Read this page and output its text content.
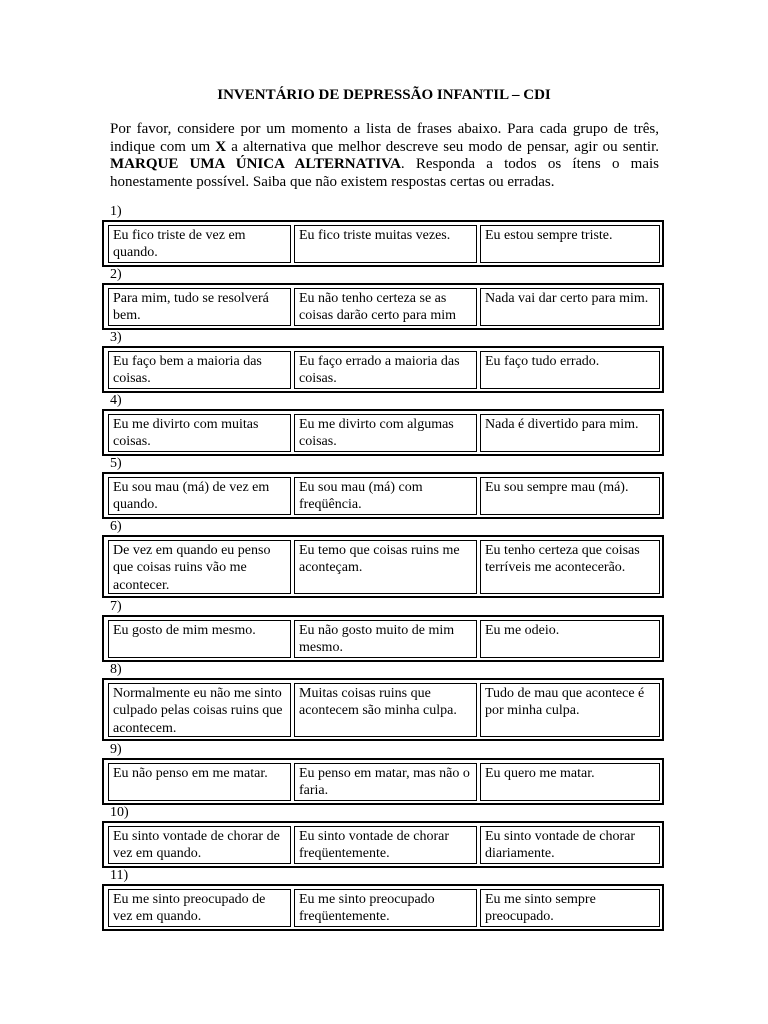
INVENTÁRIO DE DEPRESSÃO INFANTIL – CDI
Por favor, considere por um momento a lista de frases abaixo. Para cada grupo de três, indique com um X a alternativa que melhor descreve seu modo de pensar, agir ou sentir. MARQUE UMA ÚNICA ALTERNATIVA. Responda a todos os ítens o mais honestamente possível. Saiba que não existem respostas certas ou erradas.
1)
Eu fico triste de vez em quando.
Eu fico triste muitas vezes.	Eu estou sempre triste.
2)
Para mim, tudo se resolverá bem.
Eu não tenho certeza se as coisas darão certo para mim
Nada vai dar certo para mim.
3)
Eu faço bem a maioria das coisas.
Eu faço errado a maioria das coisas.
Eu faço tudo errado.
4)
Eu me divirto com muitas coisas.
Eu me divirto com algumas coisas.
Nada é divertido para mim.
5)
Eu sou mau (má) de vez em quando.
Eu sou mau (má) com freqüência.
Eu sou sempre mau (má).
6)
De vez em quando eu penso que coisas ruins vão me acontecer.
Eu temo que coisas ruins me aconteçam.
Eu tenho certeza que coisas terríveis me acontecerão.
7)
Eu gosto de mim mesmo.	Eu não gosto muito de mim mesmo.
Eu me odeio.
8)
Normalmente eu não me sinto culpado pelas coisas ruins que acontecem.
Muitas coisas ruins que acontecem são minha culpa.
Tudo de mau que acontece é por minha culpa.
9)
Eu não penso em me matar.	Eu penso em matar, mas não o faria.
Eu quero me matar.
10)
Eu sinto vontade de chorar de vez em quando.
Eu sinto vontade de chorar freqüentemente.
Eu sinto vontade de chorar diariamente.
11)
Eu me sinto preocupado de vez em quando.
Eu me sinto preocupado freqüentemente.
Eu me sinto sempre preocupado.
